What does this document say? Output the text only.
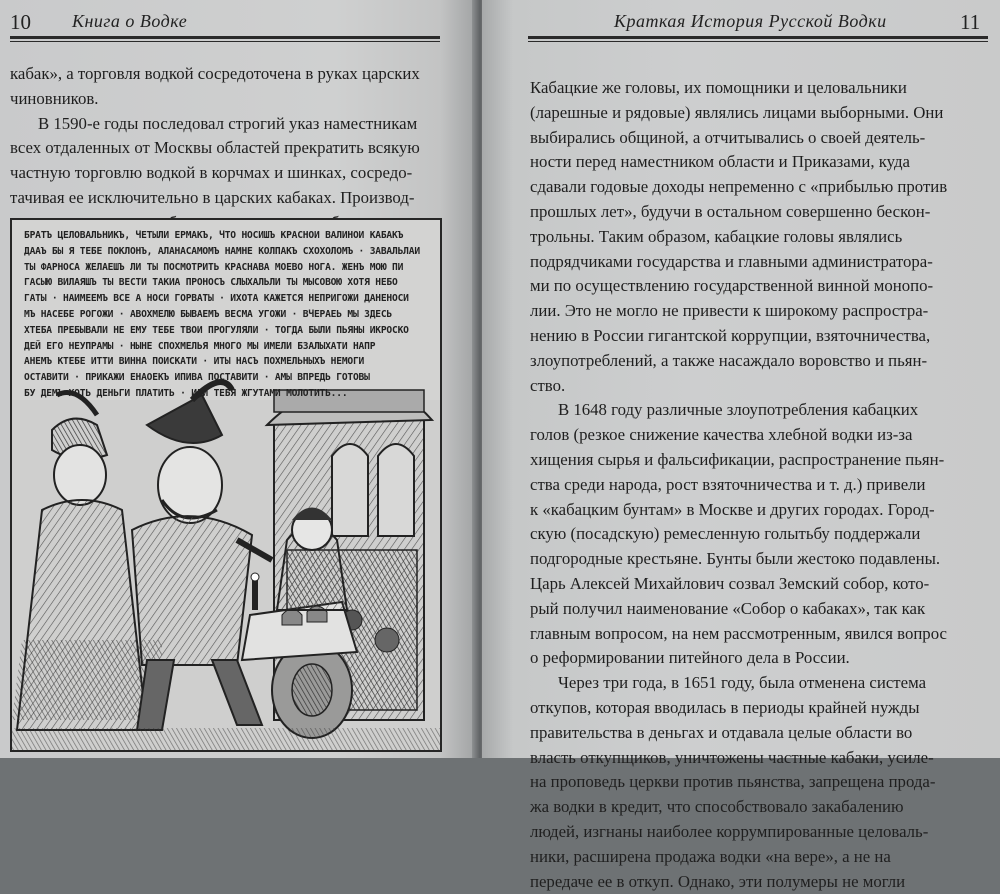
10 Книга о Водке
кабак», а торговля водкой сосредоточена в руках царских
чиновников.
В 1590-е годы последовал строгий указ наместникам
всех отдаленных от Москвы областей прекратить всякую
частную торговлю водкой в корчмах и шинках, сосредо-
тачивая ее исключительно в царских кабаках. Производ-
БРАТЪ ЦЕЛОВАЛЬНИКЪ, ЧЕТЫЛИ ЕРМАКЪ, ЧТО НОСИШЪ КРАСНОИ ВАЛИНОИ КАБАКЪ
ДААЪ БЫ Я ТЕБЕ ПОКЛОНЪ, АЛАНАСАМОМЪ НАМНЕ КОЛПАКЪ СХОХОЛОМЪ · ЗАВАЛЬЛАИ
ТЫ ФАРНОСА ЖЕЛАЕШЪ ЛИ ТЫ ПОСМОТРИТЬ КРАСНАВА МОЕВО НОГА. ЖЕНЪ МОЮ ПИ
ГАСЫЮ ВИЛАЯШЪ ТЫ ВЕСТИ ТАКИА ПРОНОСЪ СЛЫХАЛЬЛИ ТЫ МЫСОВОЮ ХОТЯ НЕБО
ГАТЫ · НАИМЕЕМЪ ВСЕ А НОСИ ГОРВАТЫ · ИХОТА КАЖЕТСЯ НЕПРИГОЖИ ДАНЕНОСИ
МЪ НАСЕБЕ РОГОЖИ · АВОХМЕЛЮ БЫВАЕМЪ ВЕСМА УГОЖИ · ВЧЕРАЕЬ МЫ ЗДЕСЬ
ХТЕБА ПРЕБЫВАЛИ НЕ ЕМУ ТЕБЕ ТВОИ ПРОГУЛЯЛИ · ТОГДА БЫЛИ ПЬЯНЫ ИКРОСКО
ДЕЙ ЕГО НЕУПРАМЫ · НЫНЕ СПОХМЕЛЬЯ МНОГО МЫ ИМЕЛИ БЗАЛЫХАТИ НАПР
АНЕМЪ КТЕБЕ ИТТИ ВИННА ПОИСКАТИ · ИТЫ НАСЪ ПОХМЕЛЬНЫХЪ НЕМОГИ
ОСТАВИТИ · ПРИКАЖИ ЕНАОЕКЪ ИПИВА ПОСТАВИТИ · АМЫ ВПРЕДЬ ГОТОВЫ
БУ ДЕМЪ ХОТЬ ДЕНЬГИ ПЛАТИТЬ · ИЛИ ТЕБЯ ЖГУТАМИ МОЛОТИТЬ...
Краткая История Русской Водки	11
Кабацкие же головы, их помощники и целовальники
(ларешные и рядовые) являлись лицами выборными. Они
выбирались общиной, а отчитывались о своей деятель-
ности перед наместником области и Приказами, куда
сдавали годовые доходы непременно с «прибылью против
прошлых лет», будучи в остальном совершенно бескон-
трольны. Таким образом, кабацкие головы являлись
подрядчиками государства и главными администратора-
ми по осуществлению государственной винной монопо-
лии. Это не могло не привести к широкому распростра-
нению в России гигантской коррупции, взяточничества,
злоупотреблений, а также насаждало воровство и пьян-
ство.
В 1648 году различные злоупотребления кабацких
голов (резкое снижение качества хлебной водки из-за
хищения сырья и фальсификации, распространение пьян-
ства среди народа, рост взяточничества и т. д.) привели
к «кабацким бунтам» в Москве и других городах. Город-
скую (посадскую) ремесленную голытьбу поддержали
подгородные крестьяне. Бунты были жестоко подавлены.
Царь Алексей Михайлович созвал Земский собор, кото-
рый получил наименование «Собор о кабаках», так как
главным вопросом, на нем рассмотренным, явился вопрос
о реформировании питейного дела в России.
Через три года, в 1651 году, была отменена система
откупов, которая вводилась в периоды крайней нужды
правительства в деньгах и отдавала целые области во
власть откупщиков, уничтожены частные кабаки, усиле-
на проповедь церкви против пьянства, запрещена прода-
жа водки в кредит, что способствовало закабалению
людей, изгнаны наиболее коррумпированные целоваль-
ники, расширена продажа водки «на вере», а не на
передаче ее в откуп. Однако, эти полумеры не могли
